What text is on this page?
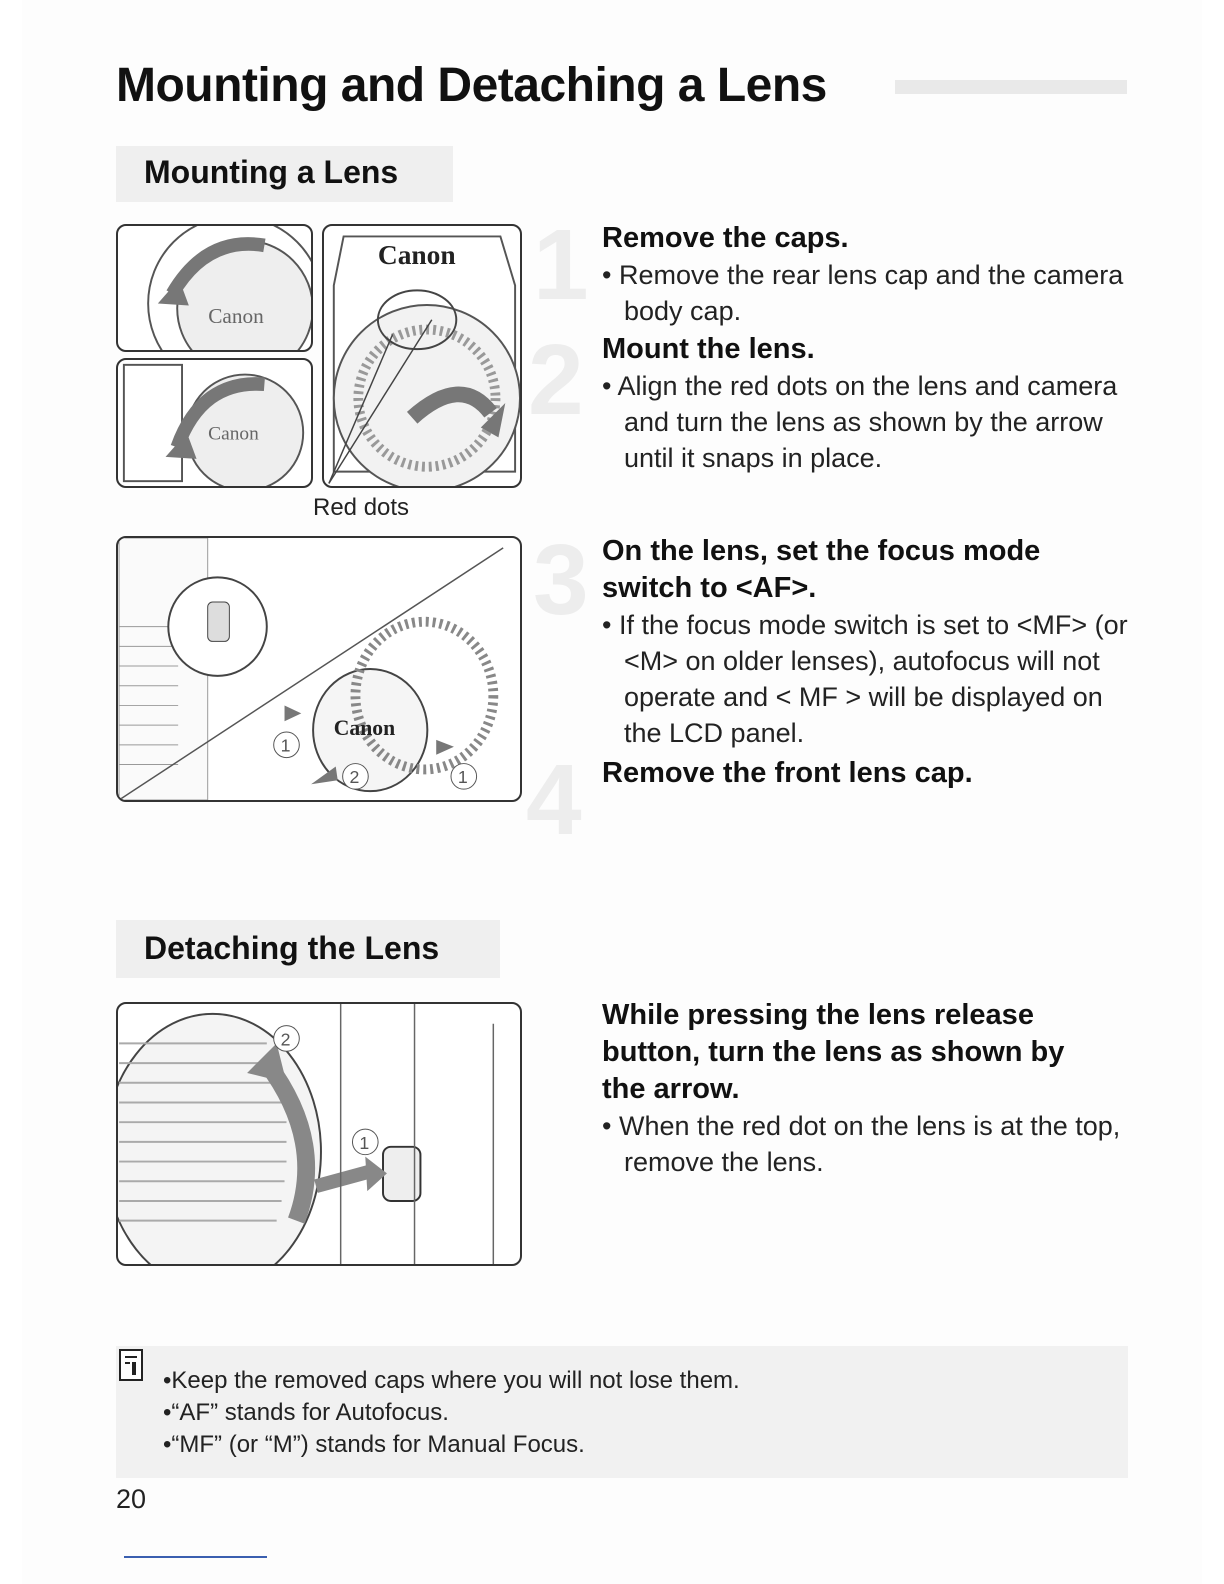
Mounting and Detaching a Lens
Mounting a Lens
Canon
Canon
Canon
Red dots
Canon
1
2	1
1
2
3
4
Remove the caps.
• Remove the rear lens cap and the camera body cap.
Mount the lens.
• Align the red dots on the lens and camera and turn the lens as shown by the arrow until it snaps in place.
On the lens, set the focus mode
switch to <AF>.
• If the focus mode switch is set to <MF> (or <M> on older lenses), autofocus will not operate and < MF > will be displayed on the LCD panel.
Remove the front lens cap.
Detaching the Lens
2
1
While pressing the lens release
button, turn the lens as shown by
the arrow.
• When the red dot on the lens is at the top, remove the lens.
• Keep the removed caps where you will not lose them.
• “AF” stands for Autofocus.
• “MF” (or “M”) stands for Manual Focus.
20
